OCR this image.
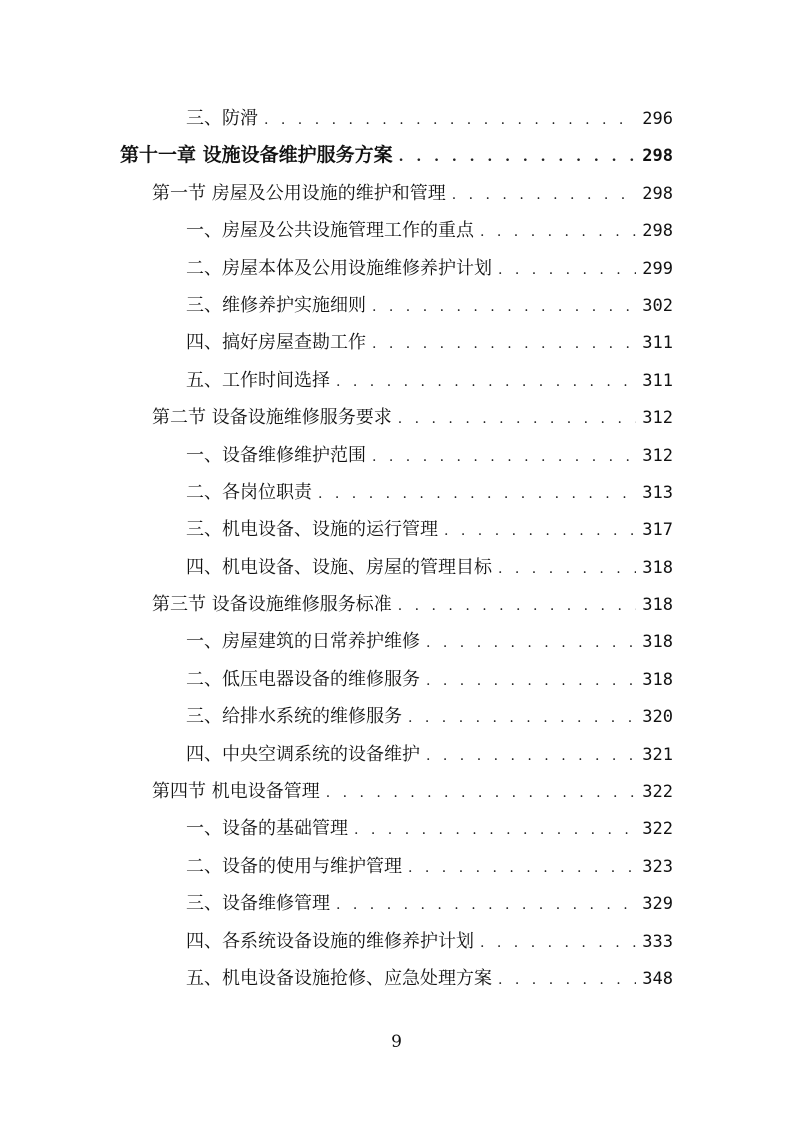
三、防滑 . . .	296
第十一章 设施设备维护服务方案 . . .	298
第一节 房屋及公用设施的维护和管理 . . .	298
一、房屋及公共设施管理工作的重点 . . .	298
二、房屋本体及公用设施维修养护计划 . . .	299
三、维修养护实施细则 . . .	302
四、搞好房屋查勘工作 . . .	311
五、工作时间选择 . . .	311
第二节 设备设施维修服务要求 . . .	312
一、设备维修维护范围 . . .	312
二、各岗位职责 . . .	313
三、机电设备、设施的运行管理 . . .	317
四、机电设备、设施、房屋的管理目标 . . .	318
第三节 设备设施维修服务标准 . . .	318
一、房屋建筑的日常养护维修 . . .	318
二、低压电器设备的维修服务 . . .	318
三、给排水系统的维修服务 . . .	320
四、中央空调系统的设备维护 . . .	321
第四节 机电设备管理 . . .	322
一、设备的基础管理 . . .	322
二、设备的使用与维护管理 . . .	323
三、设备维修管理 . . .	329
四、各系统设备设施的维修养护计划 . . .	333
五、机电设备设施抢修、应急处理方案 . . .	348
9
